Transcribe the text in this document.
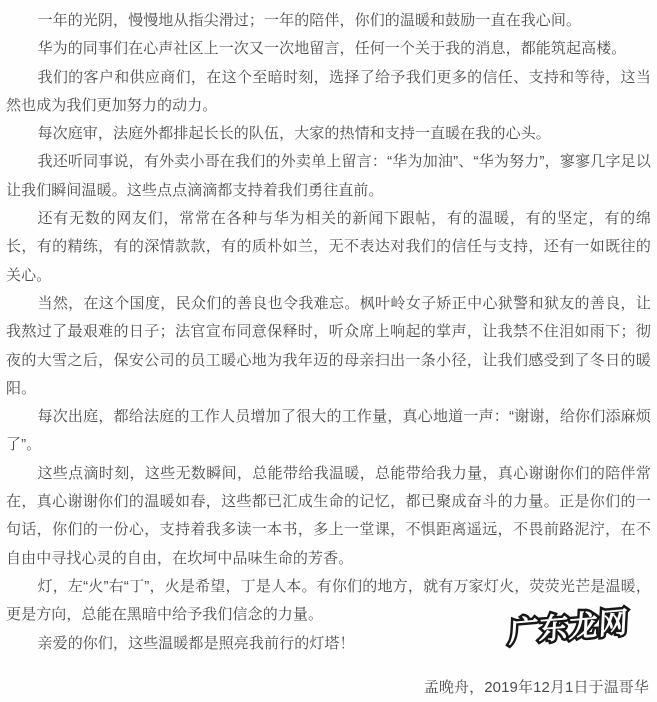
一年的光阴，慢慢地从指尖滑过；一年的陪伴，你们的温暖和鼓励一直在我心间。

华为的同事们在心声社区上一次又一次地留言，任何一个关于我的消息，都能筑起高楼。

我们的客户和供应商们，在这个至暗时刻，选择了给予我们更多的信任、支持和等待，这当然也成为我们更加努力的动力。

每次庭审，法庭外都排起长长的队伍，大家的热情和支持一直暖在我的心头。

我还听同事说，有外卖小哥在我们的外卖单上留言：“华为加油”、“华为努力”，寥寥几字足以让我们瞬间温暖。这些点点滴滴都支持着我们勇往直前。

还有无数的网友们，常常在各种与华为相关的新闻下跟帖，有的温暖，有的坚定，有的绵长，有的精练，有的深情款款，有的质朴如兰，无不表达对我们的信任与支持，还有一如既往的关心。

当然，在这个国度，民众们的善良也令我难忘。枫叶岭女子矫正中心狱警和狱友的善良，让我熬过了最艰难的日子；法官宣布同意保释时，听众席上响起的掌声，让我禁不住泪如雨下；彻夜的大雪之后，保安公司的员工暖心地为我年迈的母亲扫出一条小径，让我们感受到了冬日的暖阳。

每次出庭，都给法庭的工作人员增加了很大的工作量，真心地道一声：“谢谢，给你们添麻烦了”。

这些点滴时刻，这些无数瞬间，总能带给我温暖，总能带给我力量，真心谢谢你们的陪伴常在，真心谢谢你们的温暖如春，这些都已汇成生命的记忆，都已聚成奋斗的力量。正是你们的一句话，你们的一份心，支持着我多读一本书，多上一堂课，不惧距离遥远，不畏前路泥泞，在不自由中寻找心灵的自由，在坎坷中品味生命的芳香。

灯，左“火”右“丁”，火是希望，丁是人本。有你们的地方，就有万家灯火，荧荧光芒是温暖，更是方向，总能在黑暗中给予我们信念的力量。

亲爱的你们，这些温暖都是照亮我前行的灯塔！

孟晚舟，2019年12月1日于温哥华
广东龙网
